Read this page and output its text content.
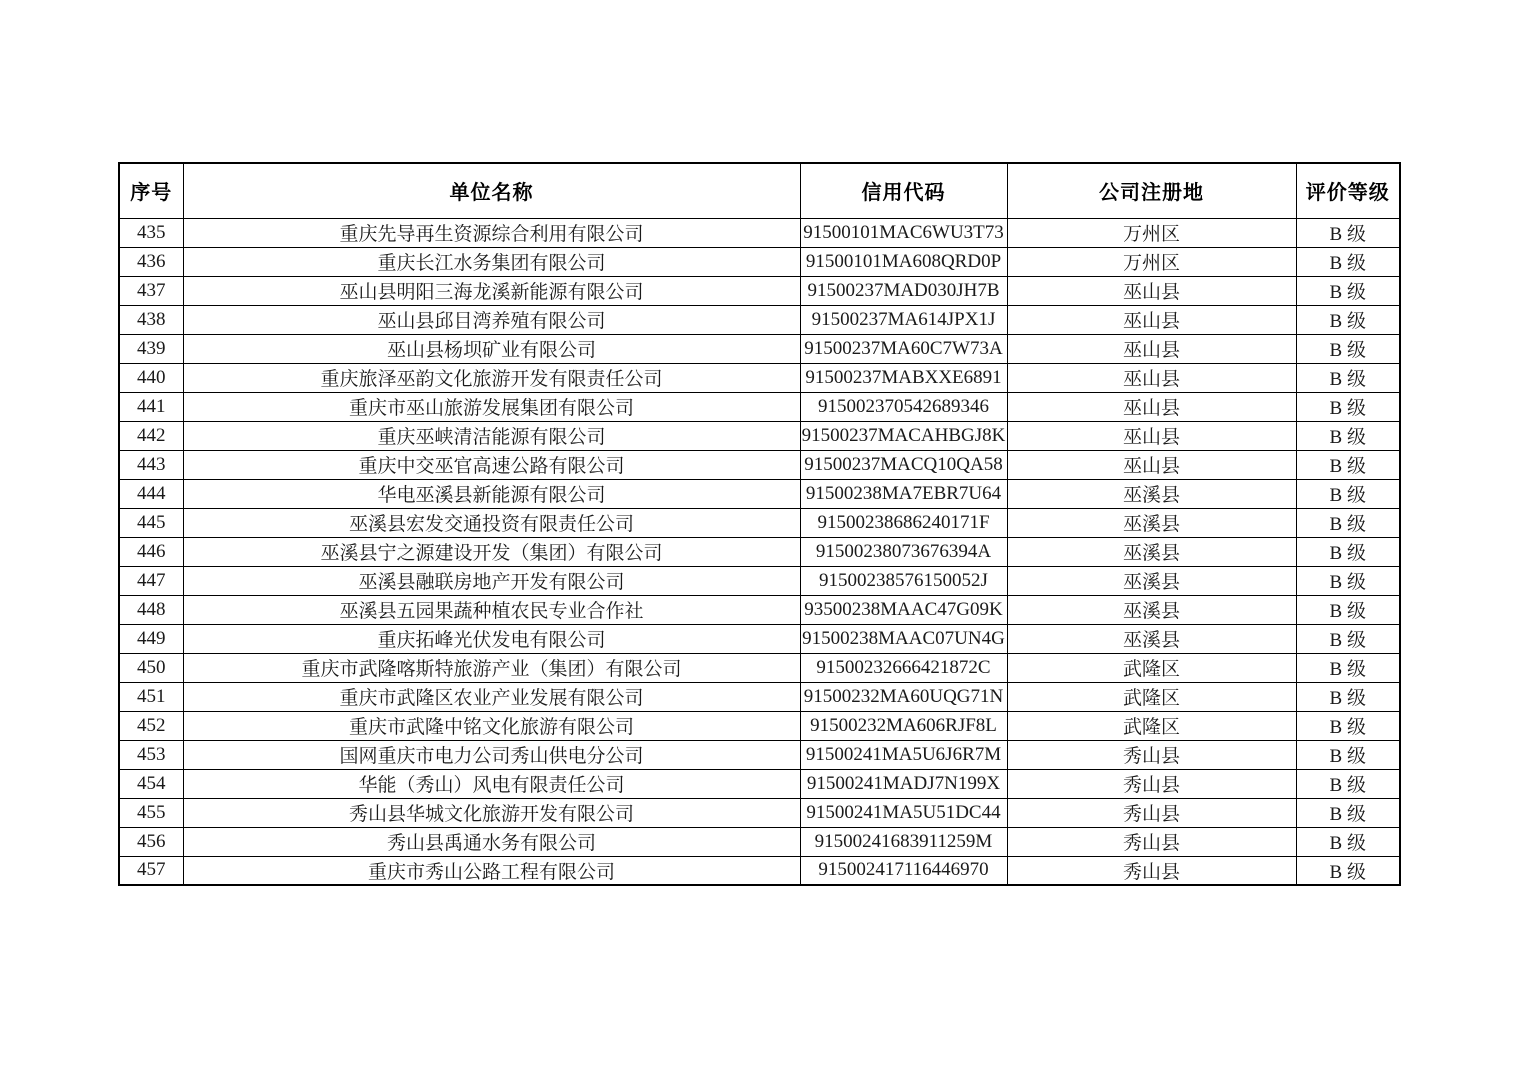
序号	单位名称	信用代码	公司注册地	评价等级
435	重庆先导再生资源综合利用有限公司	91500101MAC6WU3T73	万州区	B 级
436	重庆长江水务集团有限公司	91500101MA608QRD0P	万州区	B 级
437	巫山县明阳三海龙溪新能源有限公司	91500237MAD030JH7B	巫山县	B 级
438	巫山县邱目湾养殖有限公司	91500237MA614JPX1J	巫山县	B 级
439	巫山县杨坝矿业有限公司	91500237MA60C7W73A	巫山县	B 级
440	重庆旅泽巫韵文化旅游开发有限责任公司	91500237MABXXE6891	巫山县	B 级
441	重庆市巫山旅游发展集团有限公司	915002370542689346	巫山县	B 级
442	重庆巫峡清洁能源有限公司	91500237MACAHBGJ8K	巫山县	B 级
443	重庆中交巫官高速公路有限公司	91500237MACQ10QA58	巫山县	B 级
444	华电巫溪县新能源有限公司	91500238MA7EBR7U64	巫溪县	B 级
445	巫溪县宏发交通投资有限责任公司	91500238686240171F	巫溪县	B 级
446	巫溪县宁之源建设开发（集团）有限公司	91500238073676394A	巫溪县	B 级
447	巫溪县融联房地产开发有限公司	91500238576150052J	巫溪县	B 级
448	巫溪县五园果蔬种植农民专业合作社	93500238MAAC47G09K	巫溪县	B 级
449	重庆拓峰光伏发电有限公司	91500238MAAC07UN4G	巫溪县	B 级
450	重庆市武隆喀斯特旅游产业（集团）有限公司	91500232666421872C	武隆区	B 级
451	重庆市武隆区农业产业发展有限公司	91500232MA60UQG71N	武隆区	B 级
452	重庆市武隆中铭文化旅游有限公司	91500232MA606RJF8L	武隆区	B 级
453	国网重庆市电力公司秀山供电分公司	91500241MA5U6J6R7M	秀山县	B 级
454	华能（秀山）风电有限责任公司	91500241MADJ7N199X	秀山县	B 级
455	秀山县华城文化旅游开发有限公司	91500241MA5U51DC44	秀山县	B 级
456	秀山县禹通水务有限公司	91500241683911259M	秀山县	B 级
457	重庆市秀山公路工程有限公司	915002417116446970	秀山县	B 级
